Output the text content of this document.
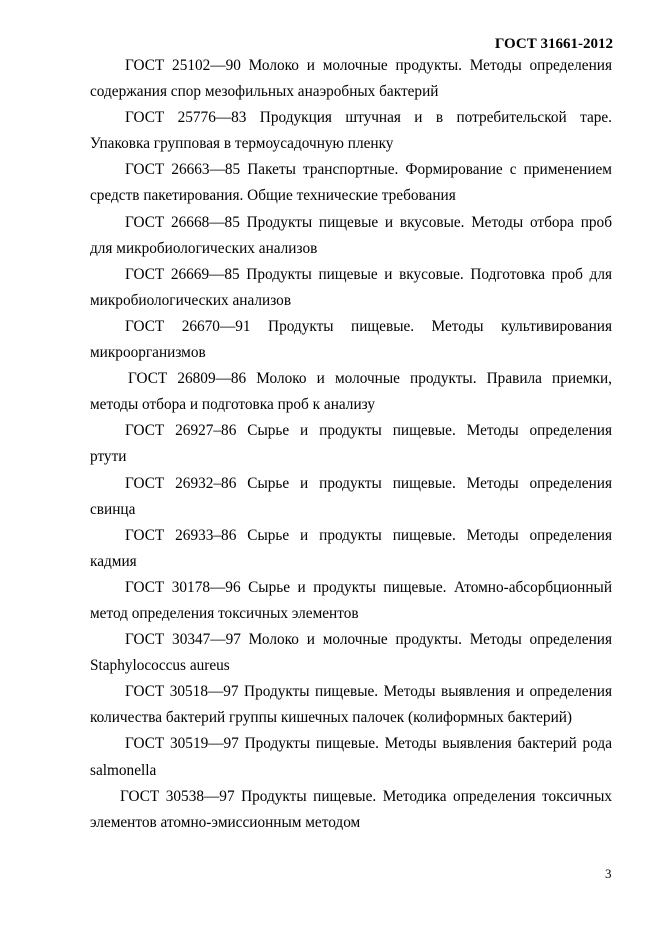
ГОСТ 31661-2012
ГОСТ 25102—90 Молоко и молочные продукты. Методы определения
содержания спор мезофильных анаэробных бактерий
ГОСТ 25776—83 Продукция штучная и в потребительской таре.
Упаковка групповая в термоусадочную пленку
ГОСТ 26663—85 Пакеты транспортные. Формирование с применением
средств пакетирования. Общие технические требования
ГОСТ 26668—85 Продукты пищевые и вкусовые. Методы отбора проб
для микробиологических анализов
ГОСТ 26669—85 Продукты пищевые и вкусовые. Подготовка проб для
микробиологических анализов
ГОСТ 26670—91 Продукты пищевые. Методы культивирования
микроорганизмов
ГОСТ 26809—86 Молоко и молочные продукты. Правила приемки,
методы отбора и подготовка проб к анализу
ГОСТ 26927–86 Сырье и продукты пищевые. Методы определения
ртути
ГОСТ 26932–86 Сырье и продукты пищевые. Методы определения
свинца
ГОСТ 26933–86 Сырье и продукты пищевые. Методы определения
кадмия
ГОСТ 30178—96 Сырье и продукты пищевые. Атомно-абсорбционный
метод определения токсичных элементов
ГОСТ 30347—97 Молоко и молочные продукты. Методы определения
Staphylococcus aureus
ГОСТ 30518—97 Продукты пищевые. Методы выявления и определения
количества бактерий группы кишечных палочек (колиформных бактерий)
ГОСТ 30519—97 Продукты пищевые. Методы выявления бактерий рода
salmonella
ГОСТ 30538—97 Продукты пищевые. Методика определения токсичных
элементов атомно-эмиссионным методом
3
